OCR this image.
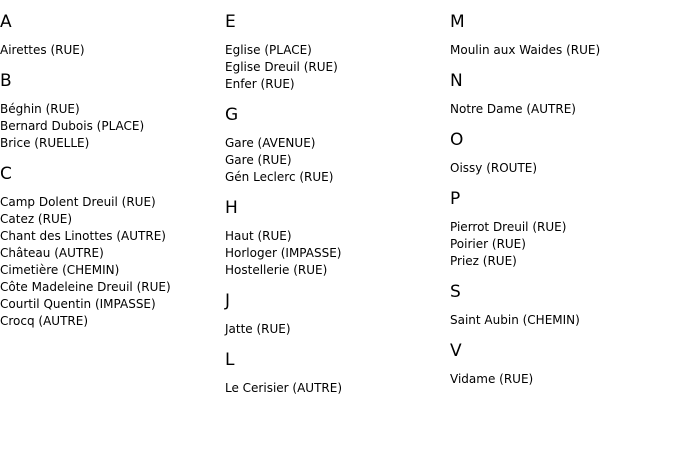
A
Airettes (RUE)
B
Béghin (RUE)
Bernard Dubois (PLACE)
Brice (RUELLE)
C
Camp Dolent Dreuil (RUE)
Catez (RUE)
Chant des Linottes (AUTRE)
Château (AUTRE)
Cimetière (CHEMIN)
Côte Madeleine Dreuil (RUE)
Courtil Quentin (IMPASSE)
Crocq (AUTRE)
E
Eglise (PLACE)
Eglise Dreuil (RUE)
Enfer (RUE)
G
Gare (AVENUE)
Gare (RUE)
Gén Leclerc (RUE)
H
Haut (RUE)
Horloger (IMPASSE)
Hostellerie (RUE)
J
Jatte (RUE)
L
Le Cerisier (AUTRE)
M
Moulin aux Waides (RUE)
N
Notre Dame (AUTRE)
O
Oissy (ROUTE)
P
Pierrot Dreuil (RUE)
Poirier (RUE)
Priez (RUE)
S
Saint Aubin (CHEMIN)
V
Vidame (RUE)
